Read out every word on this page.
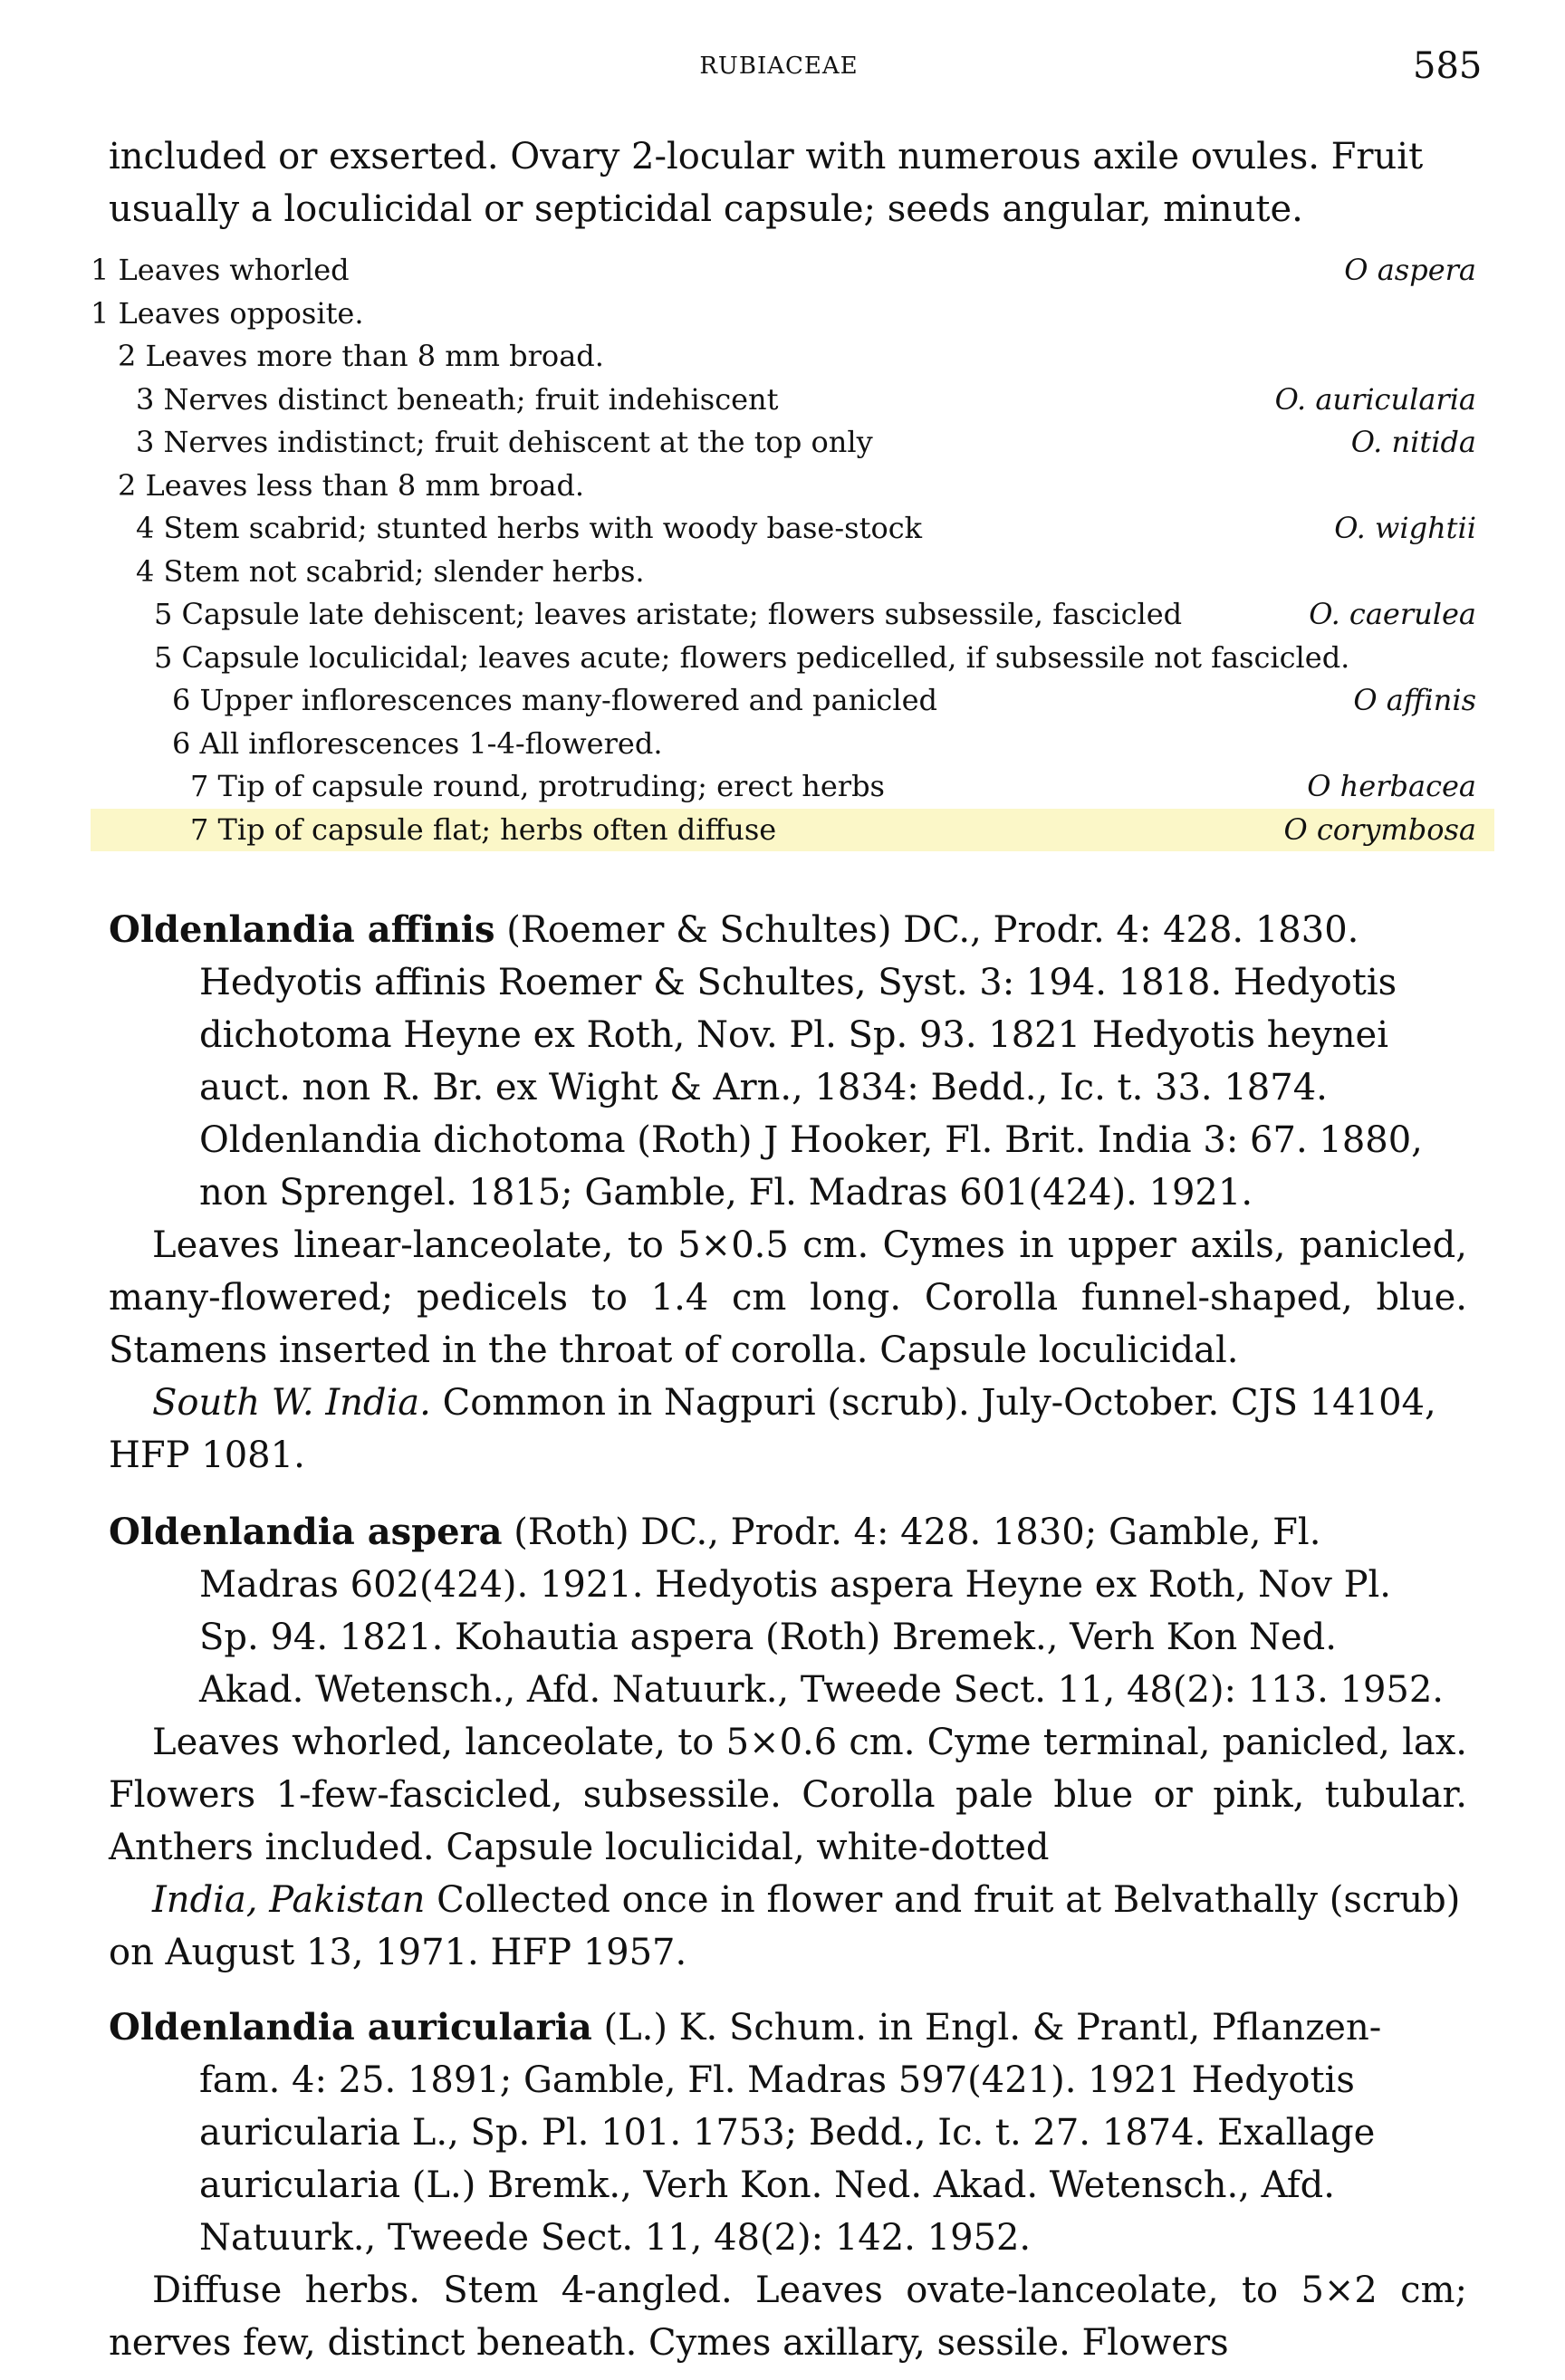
RUBIACEAE	585
included or exserted. Ovary 2-locular with numerous axile ovules. Fruit
usually a loculicidal or septicidal capsule; seeds angular, minute.
1 Leaves whorled	O aspera
1 Leaves opposite.
2 Leaves more than 8 mm broad.
3 Nerves distinct beneath; fruit indehiscent	O. auricularia
3 Nerves indistinct; fruit dehiscent at the top only	O. nitida
2 Leaves less than 8 mm broad.
4 Stem scabrid; stunted herbs with woody base-stock	O. wightii
4 Stem not scabrid; slender herbs.
5 Capsule late dehiscent; leaves aristate; flowers subsessile, fascicled	O. caerulea
5 Capsule loculicidal; leaves acute; flowers pedicelled, if subsessile not fascicled.
6 Upper inflorescences many-flowered and panicled	O affinis
6 All inflorescences 1-4-flowered.
7 Tip of capsule round, protruding; erect herbs	O herbacea
7 Tip of capsule flat; herbs often diffuse	O corymbosa
Oldenlandia affinis (Roemer & Schultes) DC., Prodr. 4: 428. 1830.
Hedyotis affinis Roemer & Schultes, Syst. 3: 194. 1818. Hedyotis
dichotoma Heyne ex Roth, Nov. Pl. Sp. 93. 1821 Hedyotis heynei
auct. non R. Br. ex Wight & Arn., 1834: Bedd., Ic. t. 33. 1874.
Oldenlandia dichotoma (Roth) J Hooker, Fl. Brit. India 3: 67. 1880,
non Sprengel. 1815; Gamble, Fl. Madras 601(424). 1921.
Leaves linear-lanceolate, to 5×0.5 cm. Cymes in upper axils, panicled, many-flowered; pedicels to 1.4 cm long. Corolla funnel-shaped, blue. Stamens inserted in the throat of corolla. Capsule loculicidal.
South W. India. Common in Nagpuri (scrub). July-October. CJS 14104, HFP 1081.
Oldenlandia aspera (Roth) DC., Prodr. 4: 428. 1830; Gamble, Fl.
Madras 602(424). 1921. Hedyotis aspera Heyne ex Roth, Nov Pl.
Sp. 94. 1821. Kohautia aspera (Roth) Bremek., Verh Kon Ned.
Akad. Wetensch., Afd. Natuurk., Tweede Sect. 11, 48(2): 113. 1952.
Leaves whorled, lanceolate, to 5×0.6 cm. Cyme terminal, panicled, lax. Flowers 1-few-fascicled, subsessile. Corolla pale blue or pink, tubular. Anthers included. Capsule loculicidal, white-dotted
India, Pakistan Collected once in flower and fruit at Belvathally (scrub) on August 13, 1971. HFP 1957.
Oldenlandia auricularia (L.) K. Schum. in Engl. & Prantl, Pflanzen-
fam. 4: 25. 1891; Gamble, Fl. Madras 597(421). 1921 Hedyotis
auricularia L., Sp. Pl. 101. 1753; Bedd., Ic. t. 27. 1874. Exallage
auricularia (L.) Bremk., Verh Kon. Ned. Akad. Wetensch., Afd.
Natuurk., Tweede Sect. 11, 48(2): 142. 1952.
Diffuse herbs. Stem 4-angled. Leaves ovate-lanceolate, to 5×2 cm; nerves few, distinct beneath. Cymes axillary, sessile. Flowers
